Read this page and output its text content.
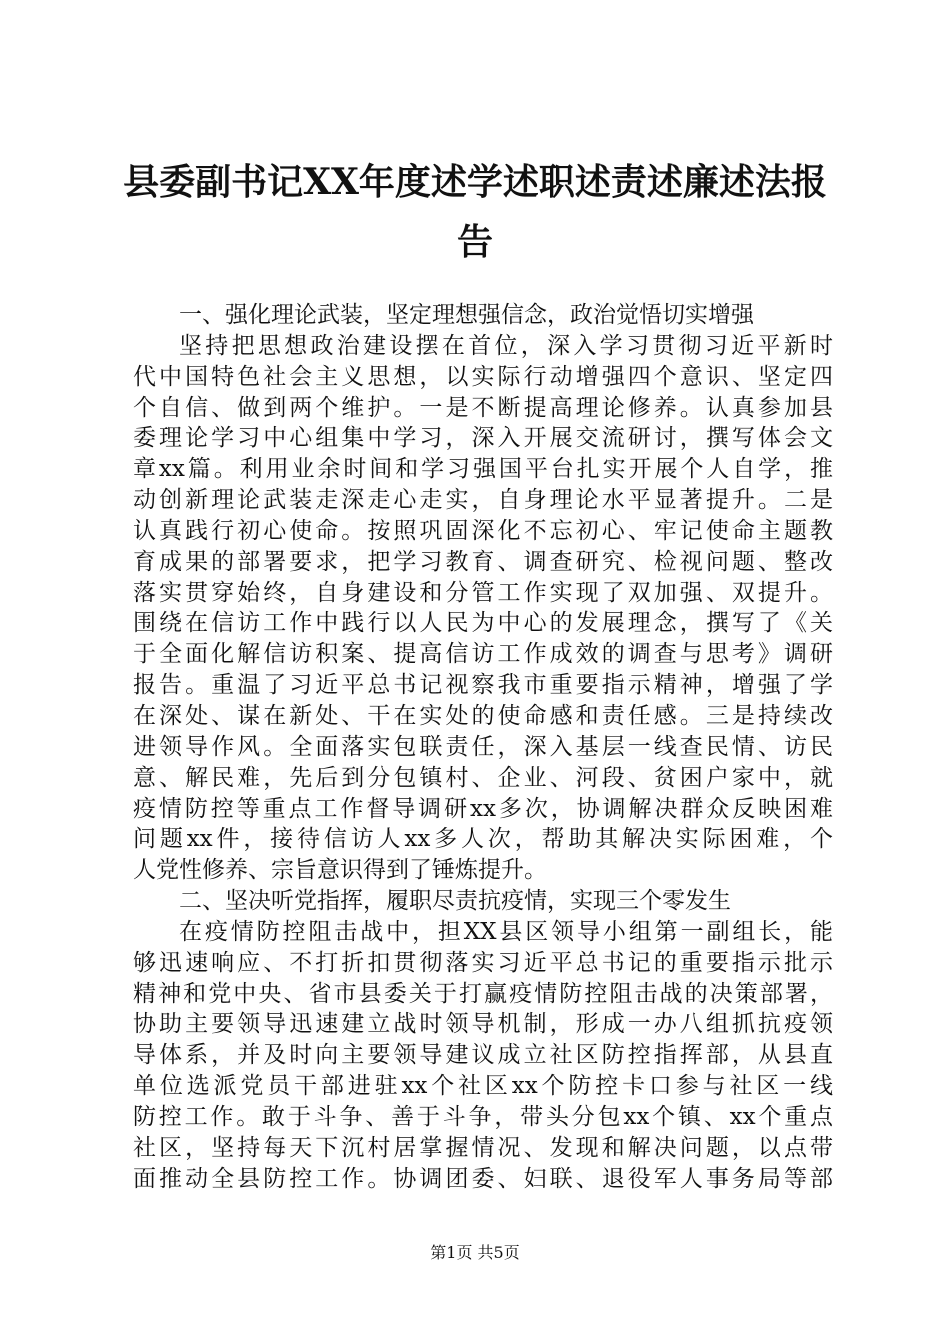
县委副书记XX年度述学述职述责述廉述法报
告
一、强化理论武装，坚定理想强信念，政治觉悟切实增强
坚持把思想政治建设摆在首位，深入学习贯彻习近平新时
代中国特色社会主义思想，以实际行动增强四个意识、坚定四
个自信、做到两个维护。一是不断提高理论修养。认真参加县
委理论学习中心组集中学习，深入开展交流研讨，撰写体会文
章xx篇。利用业余时间和学习强国平台扎实开展个人自学，推
动创新理论武装走深走心走实，自身理论水平显著提升。二是
认真践行初心使命。按照巩固深化不忘初心、牢记使命主题教
育成果的部署要求，把学习教育、调查研究、检视问题、整改
落实贯穿始终，自身建设和分管工作实现了双加强、双提升。
围绕在信访工作中践行以人民为中心的发展理念，撰写了《关
于全面化解信访积案、提高信访工作成效的调查与思考》调研
报告。重温了习近平总书记视察我市重要指示精神，增强了学
在深处、谋在新处、干在实处的使命感和责任感。三是持续改
进领导作风。全面落实包联责任，深入基层一线查民情、访民
意、解民难，先后到分包镇村、企业、河段、贫困户家中，就
疫情防控等重点工作督导调研xx多次，协调解决群众反映困难
问题xx件，接待信访人xx多人次，帮助其解决实际困难，个
人党性修养、宗旨意识得到了锤炼提升。
二、坚决听党指挥，履职尽责抗疫情，实现三个零发生
在疫情防控阻击战中，担XX县区领导小组第一副组长，能
够迅速响应、不打折扣贯彻落实习近平总书记的重要指示批示
精神和党中央、省市县委关于打赢疫情防控阻击战的决策部署，
协助主要领导迅速建立战时领导机制，形成一办八组抓抗疫领
导体系，并及时向主要领导建议成立社区防控指挥部，从县直
单位选派党员干部进驻xx个社区xx个防控卡口参与社区一线
防控工作。敢于斗争、善于斗争，带头分包xx个镇、xx个重点
社区，坚持每天下沉村居掌握情况、发现和解决问题，以点带
面推动全县防控工作。协调团委、妇联、退役军人事务局等部
第1页 共5页
